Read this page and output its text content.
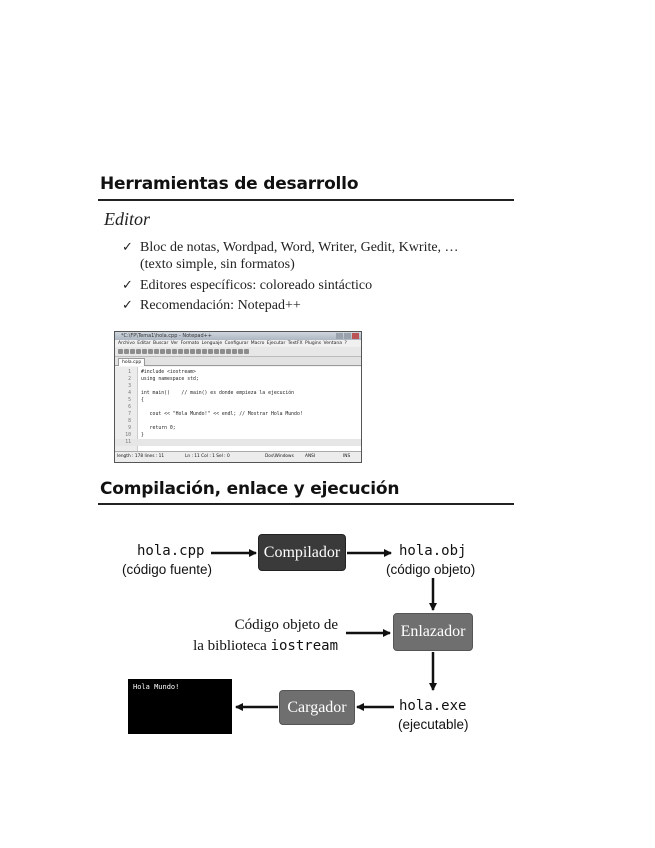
Herramientas de desarrollo
Editor
✓ Bloc de notas, Wordpad, Word, Writer, Gedit, Kwrite, …
(texto simple, sin formatos)
✓ Editores específicos: coloreado sintáctico
✓ Recomendación: Notepad++
*C:\FP\Tema1\hola.cpp - Notepad++
Archivo Editar Buscar Ver Formato Lenguaje Configurar Macro Ejecutar TextFX Plugins Ventana ?
hola.cpp
1 #include <iostream>
2 using namespace std;
3
4 int main()    // main() es donde empieza la ejecución
5 {
6
7 cout << "Hola Mundo!" << endl; // Mostrar Hola Mundo!
8
9 return 0;
10 }
11
length : 178 lines : 11	Ln : 11 Col : 1 Sel : 0	Dos\Windows	ANSI	INS
Compilación, enlace y ejecución
hola.cpp
(código fuente)
Compilador	hola.obj
(código objeto)
Código objeto de
la biblioteca iostream
Enlazador
hola.exe
(ejecutable)
Cargador
Hola Mundo!
